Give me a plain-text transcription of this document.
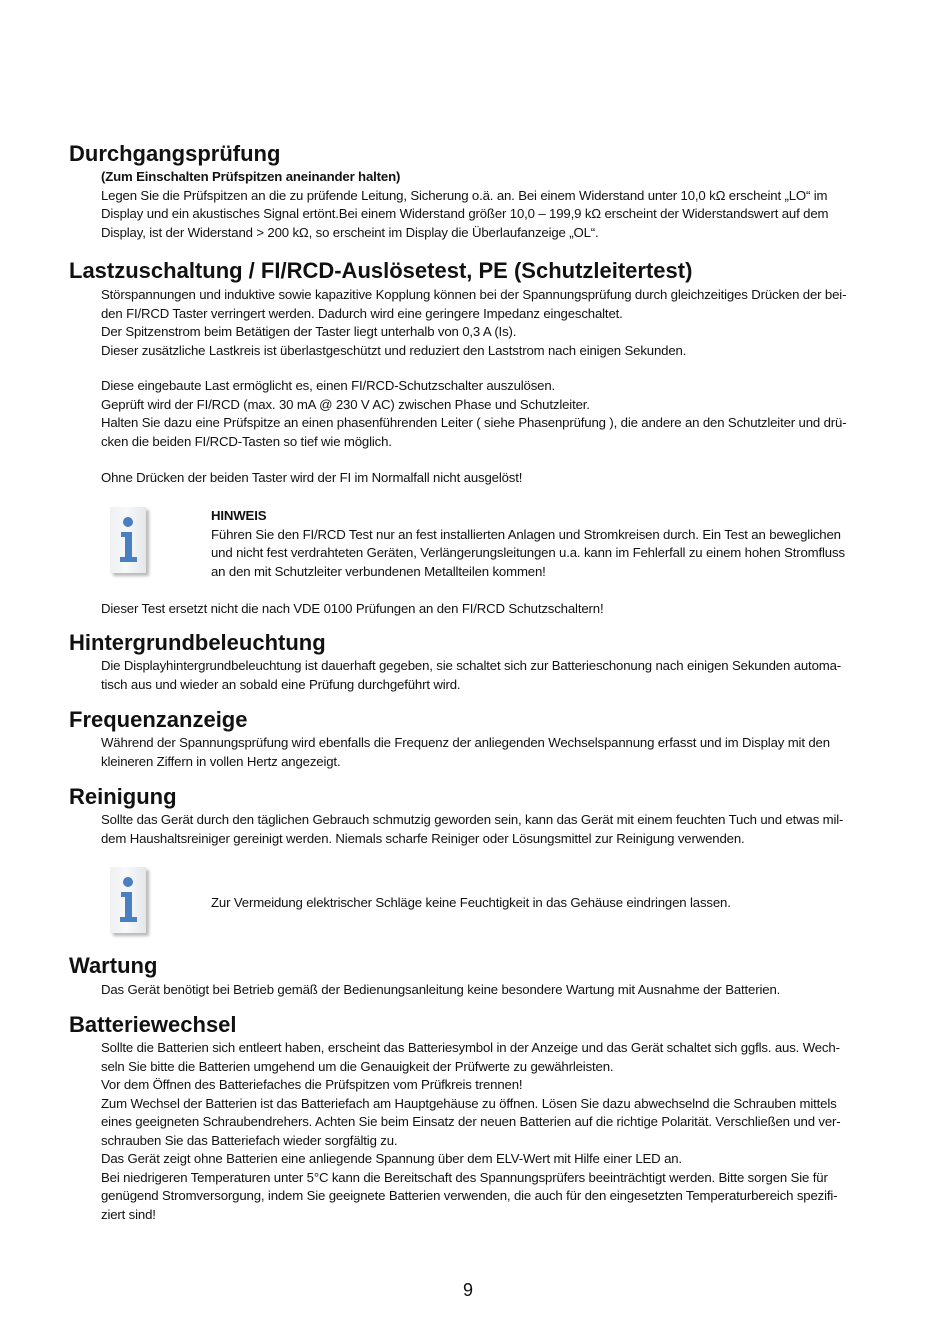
Durchgangsprüfung

(Zum Einschalten Prüfspitzen aneinander halten)

Legen Sie die Prüfspitzen an die zu prüfende Leitung, Sicherung o.ä. an. Bei einem Widerstand unter 10,0 kΩ erscheint „LO“ im

Display und ein akustisches Signal ertönt.Bei einem Widerstand größer 10,0 – 199,9 kΩ erscheint der Widerstandswert auf dem

Display, ist der Widerstand > 200 kΩ, so erscheint im Display die Überlaufanzeige „OL“.

Lastzuschaltung / FI/RCD-Auslösetest, PE (Schutzleitertest)

Störspannungen und induktive sowie kapazitive Kopplung können bei der Spannungsprüfung durch gleichzeitiges Drücken der bei-

den FI/RCD Taster verringert werden. Dadurch wird eine geringere Impedanz eingeschaltet.

Der Spitzenstrom beim Betätigen der Taster liegt unterhalb von 0,3 A (Is).

Dieser zusätzliche Lastkreis ist überlastgeschützt und reduziert den Laststrom nach einigen Sekunden.

Diese eingebaute Last ermöglicht es, einen FI/RCD-Schutzschalter auszulösen.

Geprüft wird der FI/RCD (max. 30 mA @ 230 V AC) zwischen Phase und Schutzleiter.

Halten Sie dazu eine Prüfspitze an einen phasenführenden Leiter ( siehe Phasenprüfung ), die andere an den Schutzleiter und drü-

cken die beiden FI/RCD-Tasten so tief wie möglich.

Ohne Drücken der beiden Taster wird der FI im Normalfall nicht ausgelöst!

HINWEIS

Führen Sie den FI/RCD Test nur an fest installierten Anlagen und Stromkreisen durch. Ein Test an beweglichen

und nicht fest verdrahteten Geräten, Verlängerungsleitungen u.a. kann im Fehlerfall zu einem hohen Stromfluss

an den mit Schutzleiter verbundenen Metallteilen kommen!

Dieser Test ersetzt nicht die nach VDE 0100 Prüfungen an den FI/RCD Schutzschaltern!

Hintergrundbeleuchtung

Die Displayhintergrundbeleuchtung ist dauerhaft gegeben, sie schaltet sich zur Batterieschonung nach einigen Sekunden automa-

tisch aus und wieder an sobald eine Prüfung durchgeführt wird.

Frequenzanzeige

Während der Spannungsprüfung wird ebenfalls die Frequenz der anliegenden Wechselspannung erfasst und im Display mit den

kleineren Ziffern in vollen Hertz angezeigt.

Reinigung

Sollte das Gerät durch den täglichen Gebrauch schmutzig geworden sein, kann das Gerät mit einem feuchten Tuch und etwas mil-

dem Haushaltsreiniger gereinigt werden. Niemals scharfe Reiniger oder Lösungsmittel zur Reinigung verwenden.

Zur Vermeidung elektrischer Schläge keine Feuchtigkeit in das Gehäuse eindringen lassen.

Wartung

Das Gerät benötigt bei Betrieb gemäß der Bedienungsanleitung keine besondere Wartung mit Ausnahme der Batterien.

Batteriewechsel

Sollte die Batterien sich entleert haben, erscheint das Batteriesymbol in der Anzeige und das Gerät schaltet sich ggfls. aus. Wech-

seln Sie bitte die Batterien umgehend um die Genauigkeit der Prüfwerte zu gewährleisten.

Vor dem Öffnen des Batteriefaches die Prüfspitzen vom Prüfkreis trennen!

Zum Wechsel der Batterien ist das Batteriefach am Hauptgehäuse zu öffnen. Lösen Sie dazu abwechselnd die Schrauben mittels

eines geeigneten Schraubendrehers. Achten Sie beim Einsatz der neuen Batterien auf die richtige Polarität. Verschließen und ver-

schrauben Sie das Batteriefach wieder sorgfältig zu.

Das Gerät zeigt ohne Batterien eine anliegende Spannung über dem ELV-Wert mit Hilfe einer LED an.

Bei niedrigeren Temperaturen unter 5°C kann die Bereitschaft des Spannungsprüfers beeinträchtigt werden. Bitte sorgen Sie für

genügend Stromversorgung, indem Sie geeignete Batterien verwenden, die auch für den eingesetzten Temperaturbereich spezifi-

ziert sind!

9
